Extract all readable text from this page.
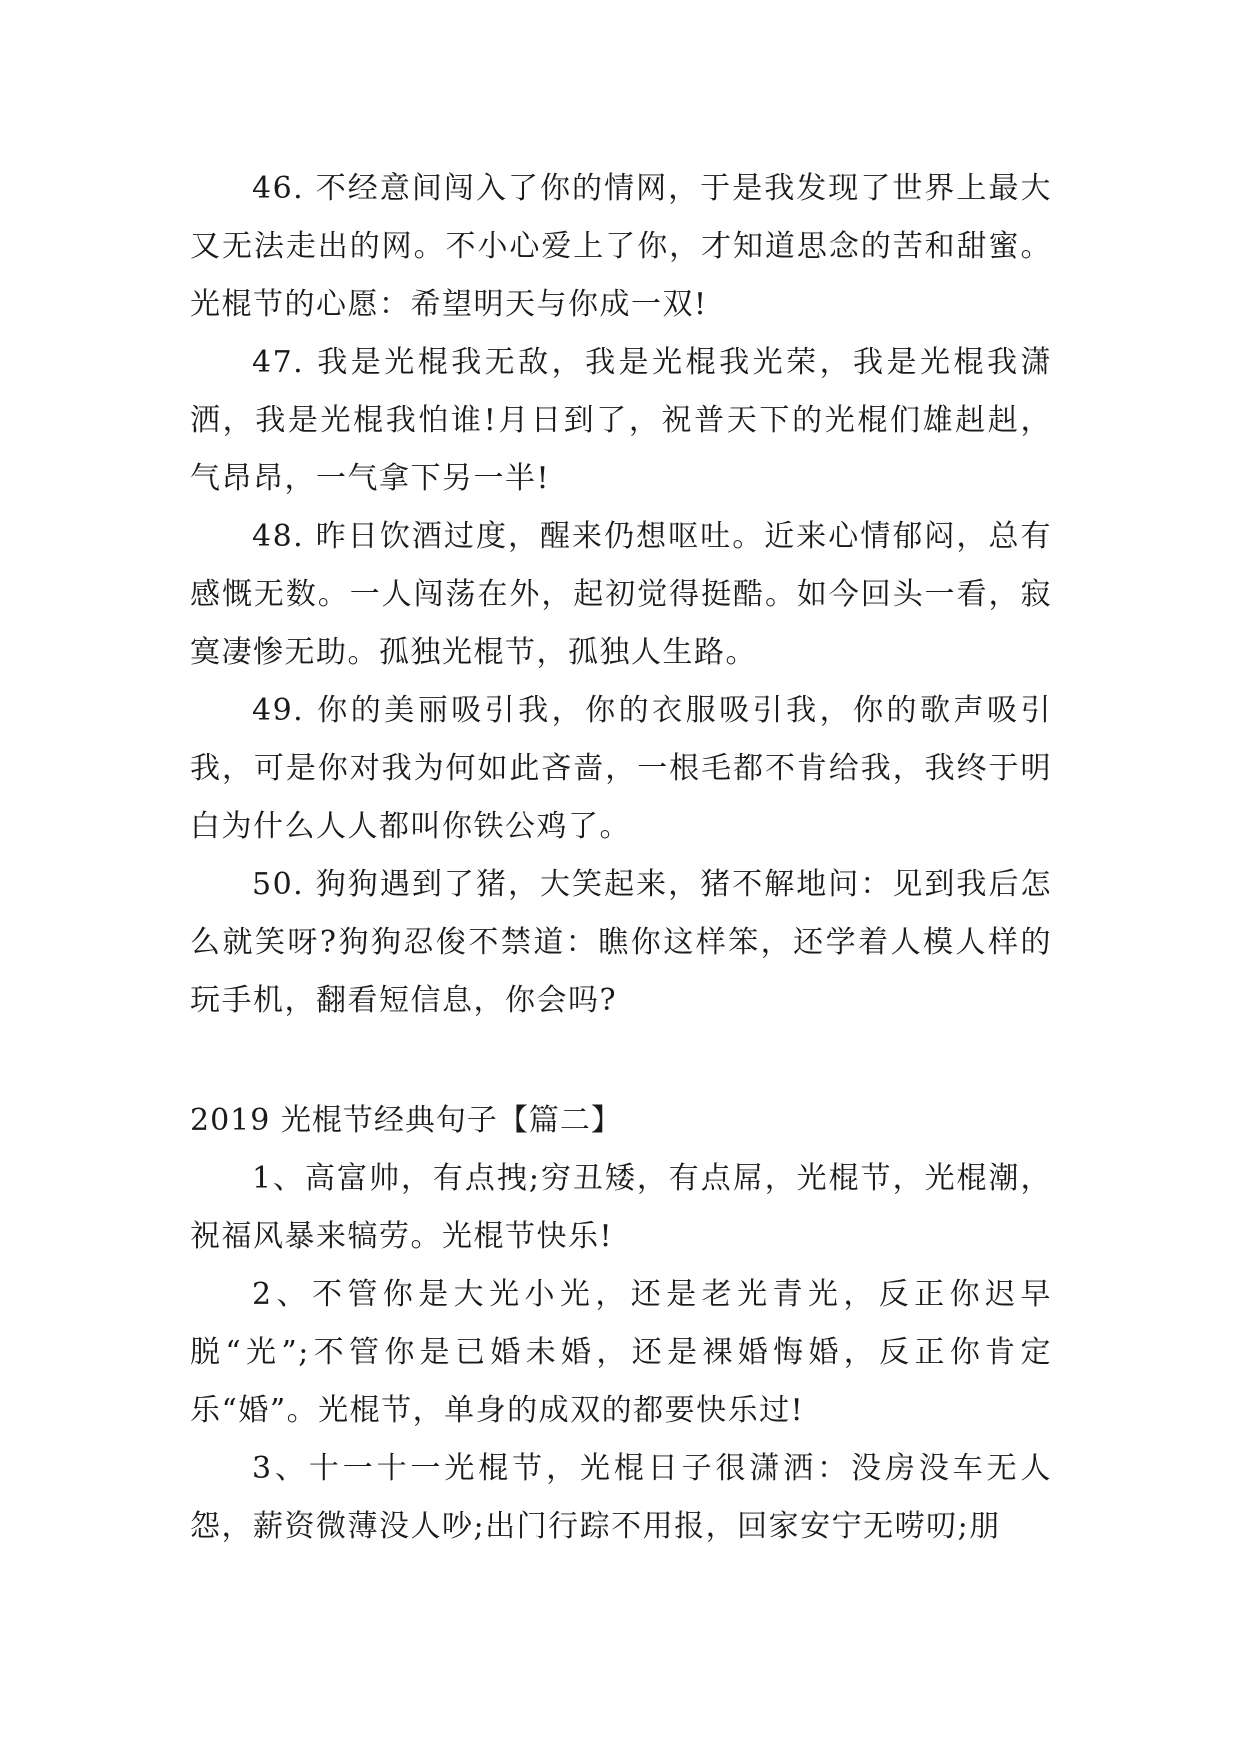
46. 不经意间闯入了你的情网，于是我发现了世界上最大又无法走出的网。不小心爱上了你，才知道思念的苦和甜蜜。光棍节的心愿：希望明天与你成一双!

47. 我是光棍我无敌，我是光棍我光荣，我是光棍我潇洒，我是光棍我怕谁!月日到了，祝普天下的光棍们雄赳赳，气昂昂，一气拿下另一半!

48. 昨日饮酒过度，醒来仍想呕吐。近来心情郁闷，总有感慨无数。一人闯荡在外，起初觉得挺酷。如今回头一看，寂寞凄惨无助。孤独光棍节，孤独人生路。

49. 你的美丽吸引我，你的衣服吸引我，你的歌声吸引我，可是你对我为何如此吝啬，一根毛都不肯给我，我终于明白为什么人人都叫你铁公鸡了。

50. 狗狗遇到了猪，大笑起来，猪不解地问：见到我后怎么就笑呀?狗狗忍俊不禁道：瞧你这样笨，还学着人模人样的玩手机，翻看短信息，你会吗?

2019 光棍节经典句子【篇二】

1、高富帅，有点拽;穷丑矮，有点屌，光棍节，光棍潮，祝福风暴来犒劳。光棍节快乐!

2、不管你是大光小光，还是老光青光，反正你迟早脱“光”;不管你是已婚未婚，还是裸婚悔婚，反正你肯定乐“婚”。光棍节，单身的成双的都要快乐过!

3、十一十一光棍节，光棍日子很潇洒：没房没车无人怨，薪资微薄没人吵;出门行踪不用报，回家安宁无唠叨;朋
